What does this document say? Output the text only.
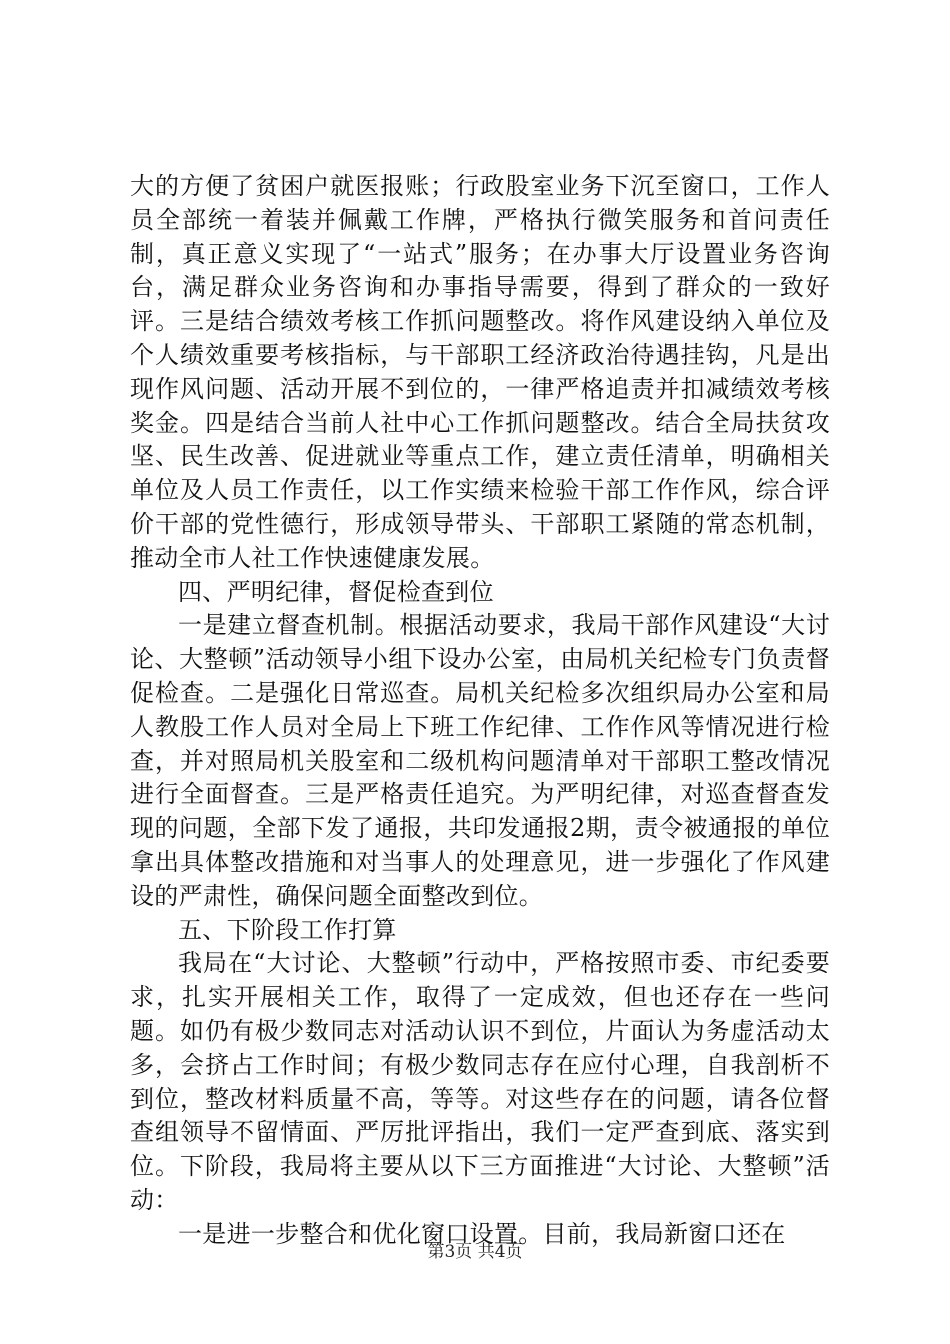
大的方便了贫困户就医报账；行政股室业务下沉至窗口，工作人员全部统一着装并佩戴工作牌，严格执行微笑服务和首问责任制，真正意义实现了“一站式”服务；在办事大厅设置业务咨询台，满足群众业务咨询和办事指导需要，得到了群众的一致好评。三是结合绩效考核工作抓问题整改。将作风建设纳入单位及个人绩效重要考核指标，与干部职工经济政治待遇挂钩，凡是出现作风问题、活动开展不到位的，一律严格追责并扣减绩效考核奖金。四是结合当前人社中心工作抓问题整改。结合全局扶贫攻坚、民生改善、促进就业等重点工作，建立责任清单，明确相关单位及人员工作责任，以工作实绩来检验干部工作作风，综合评价干部的党性德行，形成领导带头、干部职工紧随的常态机制，推动全市人社工作快速健康发展。

四、严明纪律，督促检查到位

一是建立督查机制。根据活动要求，我局干部作风建设“大讨论、大整顿”活动领导小组下设办公室，由局机关纪检专门负责督促检查。二是强化日常巡查。局机关纪检多次组织局办公室和局人教股工作人员对全局上下班工作纪律、工作作风等情况进行检查，并对照局机关股室和二级机构问题清单对干部职工整改情况进行全面督查。三是严格责任追究。为严明纪律，对巡查督查发现的问题，全部下发了通报，共印发通报2期，责令被通报的单位拿出具体整改措施和对当事人的处理意见，进一步强化了作风建设的严肃性，确保问题全面整改到位。

五、下阶段工作打算

我局在“大讨论、大整顿”行动中，严格按照市委、市纪委要求，扎实开展相关工作，取得了一定成效，但也还存在一些问题。如仍有极少数同志对活动认识不到位，片面认为务虚活动太多，会挤占工作时间；有极少数同志存在应付心理，自我剖析不到位，整改材料质量不高，等等。对这些存在的问题，请各位督查组领导不留情面、严厉批评指出，我们一定严查到底、落实到位。下阶段，我局将主要从以下三方面推进“大讨论、大整顿”活动：

一是进一步整合和优化窗口设置。目前，我局新窗口还在

第3页 共4页
